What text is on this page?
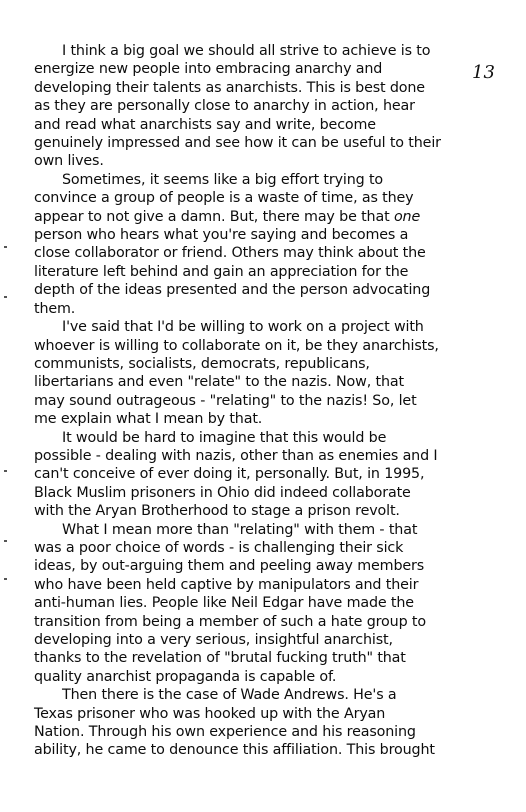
13

I think a big goal we should all strive to achieve is to
energize new people into embracing anarchy and
developing their talents as anarchists. This is best done
as they are personally close to anarchy in action, hear
and read what anarchists say and write, become
genuinely impressed and see how it can be useful to their
own lives.

Sometimes, it seems like a big effort trying to
convince a group of people is a waste of time, as they
appear to not give a damn. But, there may be that one
person who hears what you're saying and becomes a
close collaborator or friend. Others may think about the
literature left behind and gain an appreciation for the
depth of the ideas presented and the person advocating
them.

I've said that I'd be willing to work on a project with
whoever is willing to collaborate on it, be they anarchists,
communists, socialists, democrats, republicans,
libertarians and even "relate" to the nazis. Now, that
may sound outrageous - "relating" to the nazis! So, let
me explain what I mean by that.

It would be hard to imagine that this would be
possible - dealing with nazis, other than as enemies and I
can't conceive of ever doing it, personally. But, in 1995,
Black Muslim prisoners in Ohio did indeed collaborate
with the Aryan Brotherhood to stage a prison revolt.

What I mean more than "relating" with them - that
was a poor choice of words - is challenging their sick
ideas, by out-arguing them and peeling away members
who have been held captive by manipulators and their
anti-human lies. People like Neil Edgar have made the
transition from being a member of such a hate group to
developing into a very serious, insightful anarchist,
thanks to the revelation of "brutal fucking truth" that
quality anarchist propaganda is capable of.

Then there is the case of Wade Andrews. He's a
Texas prisoner who was hooked up with the Aryan
Nation. Through his own experience and his reasoning
ability, he came to denounce this affiliation. This brought
